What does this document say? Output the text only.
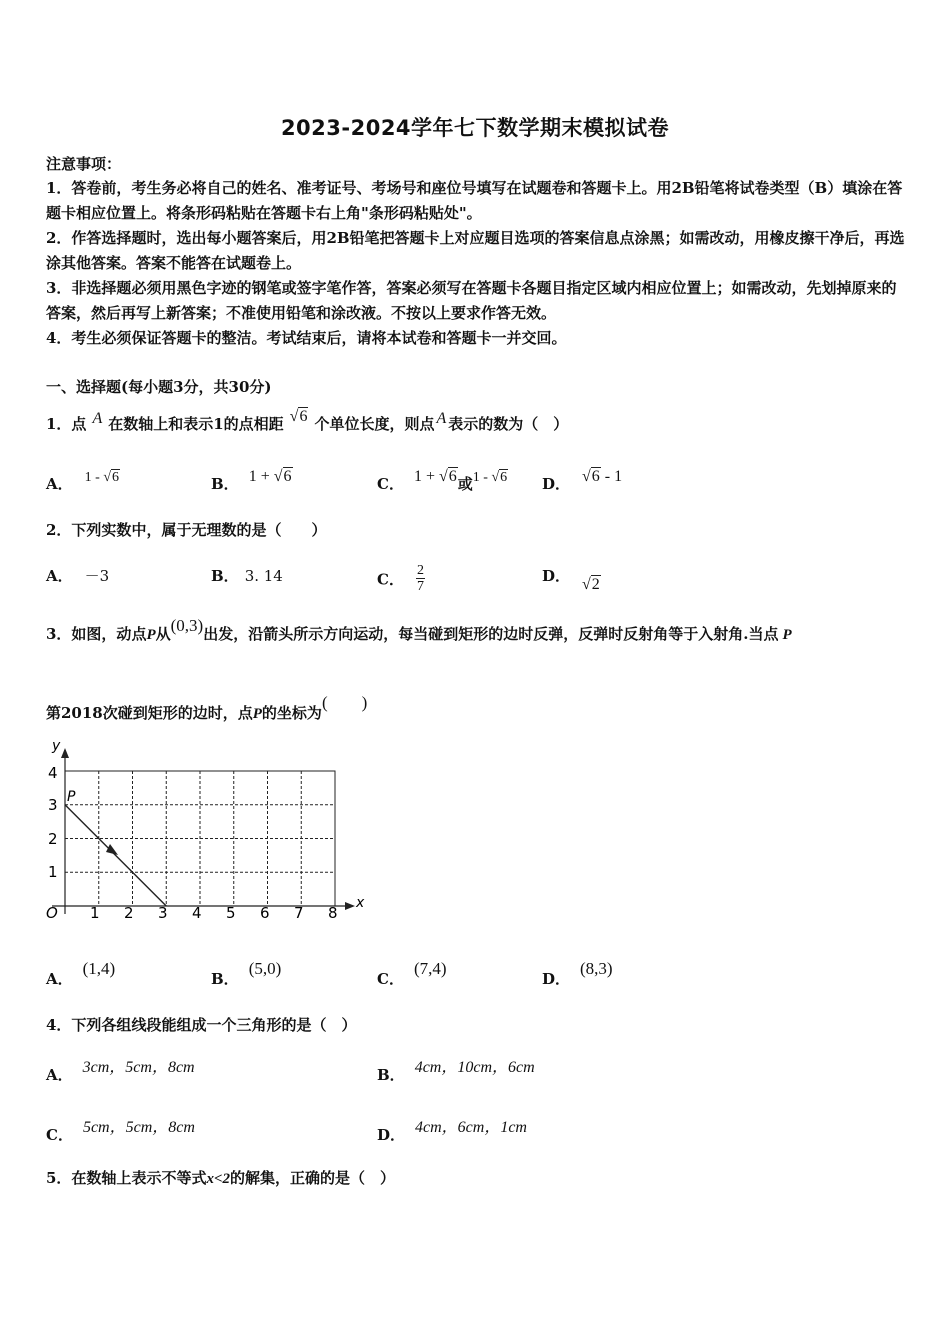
2023-2024学年七下数学期末模拟试卷
注意事项：
1．答卷前，考生务必将自己的姓名、准考证号、考场号和座位号填写在试题卷和答题卡上。用2B铅笔将试卷类型（B）填涂在答题卡相应位置上。将条形码粘贴在答题卡右上角"条形码粘贴处"。
2．作答选择题时，选出每小题答案后，用2B铅笔把答题卡上对应题目选项的答案信息点涂黑；如需改动，用橡皮擦干净后，再选涂其他答案。答案不能答在试题卷上。
3．非选择题必须用黑色字迹的钢笔或签字笔作答，答案必须写在答题卡各题目指定区域内相应位置上；如需改动，先划掉原来的答案，然后再写上新答案；不准使用铅笔和涂改液。不按以上要求作答无效。
4．考生必须保证答题卡的整洁。考试结束后，请将本试卷和答题卡一并交回。
一、选择题(每小题3分，共30分)
1．点 A 在数轴上和表示1的点相距 √6 个单位长度，则点 A 表示的数为（　）
A． 1 - √6	B． 1 + √6	C． 1 + √6或1 - √6 D． √6 - 1
2．下列实数中，属于无理数的是（　　）
A． －3	B． 3. 14	C． $\frac{2}{7}$	D． √2
3．如图，动点P从(0,3)出发，沿箭头所示方向运动，每当碰到矩形的边时反弹，反弹时反射角等于入射角.当点 P
第2018次碰到矩形的边时，点P的坐标为(　　)
y
x
O
P
4
3
2
1
1 2 3 4 5 6 7 8
A．(1,4)
B．(5,0)
C．(7,4)
D．(8,3)
4．下列各组线段能组成一个三角形的是（　）
A． 3cm，5cm，8cm	B． 4cm，10cm，6cm
C． 5cm，5cm，8cm	D． 4cm，6cm，1cm
5．在数轴上表示不等式x<2的解集，正确的是（　）
